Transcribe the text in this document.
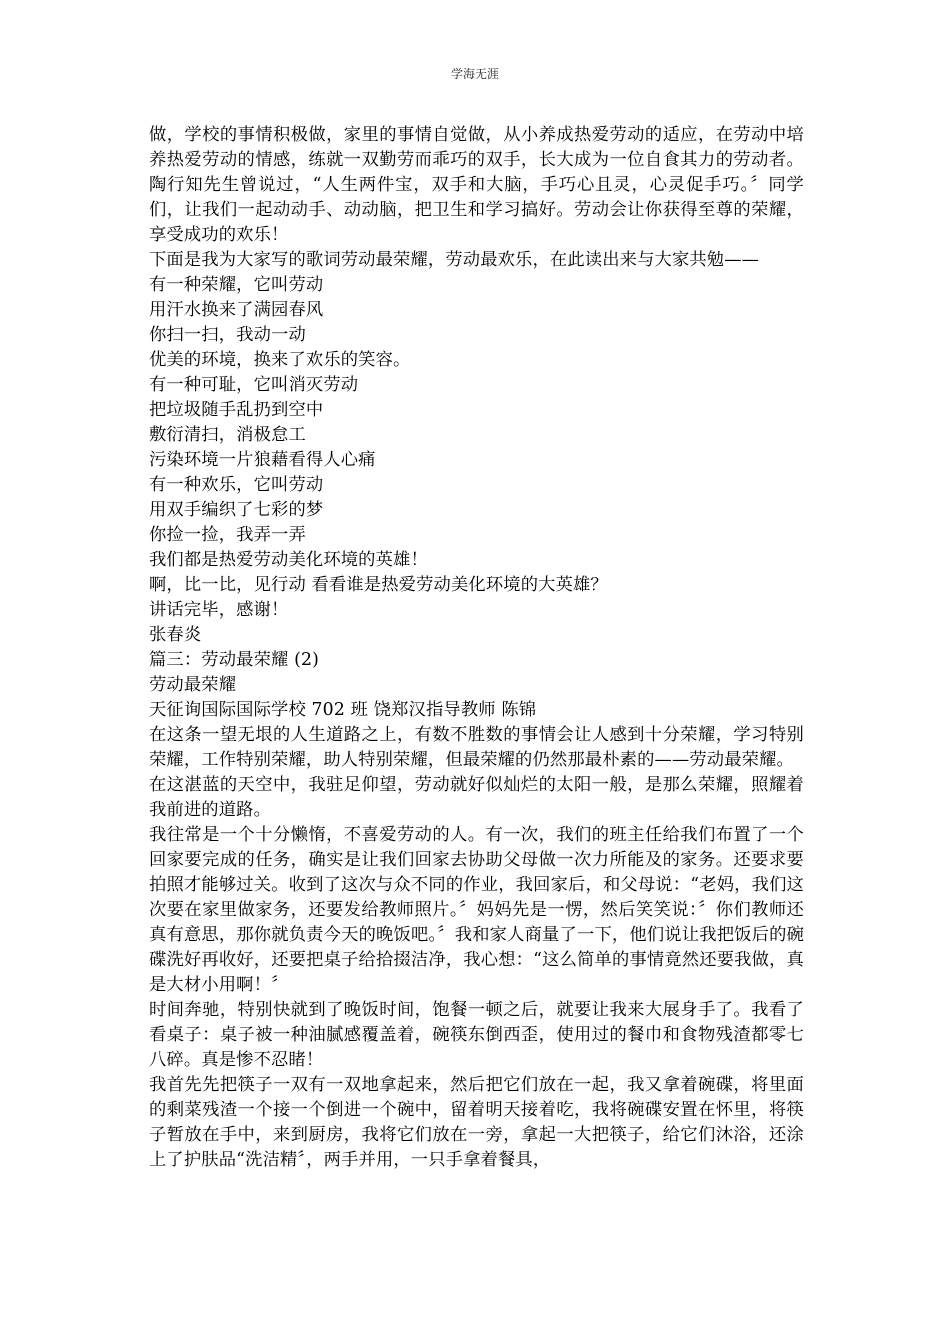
学海无涯

做，学校的事情积极做，家里的事情自觉做，从小养成热爱劳动的适应，在劳动中培养热爱劳动的情感，练就一双勤劳而乖巧的双手，长大成为一位自食其力的劳动者。 陶行知先生曾说过，“人生两件宝，双手和大脑，手巧心且灵，心灵促手巧。〞同学们，让我们一起动动手、动动脑，把卫生和学习搞好。劳动会让你获得至尊的荣耀，享受成功的欢乐！

下面是我为大家写的歌词劳动最荣耀，劳动最欢乐，在此读出来与大家共勉——

有一种荣耀，它叫劳动

用汗水换来了满园春风

你扫一扫，我动一动

优美的环境，换来了欢乐的笑容。

有一种可耻，它叫消灭劳动

把垃圾随手乱扔到空中

敷衍清扫，消极怠工

污染环境一片狼藉看得人心痛

有一种欢乐，它叫劳动

用双手编织了七彩的梦

你捡一捡，我弄一弄

我们都是热爱劳动美化环境的英雄！

啊，比一比，见行动 看看谁是热爱劳动美化环境的大英雄？

讲话完毕，感谢！

张春炎

篇三：劳动最荣耀 (2)

劳动最荣耀

天征询国际国际学校 702 班 饶郑汉指导教师 陈锦

在这条一望无垠的人生道路之上，有数不胜数的事情会让人感到十分荣耀，学习特别荣耀，工作特别荣耀，助人特别荣耀，但最荣耀的仍然那最朴素的——劳动最荣耀。

在这湛蓝的天空中，我驻足仰望，劳动就好似灿烂的太阳一般，是那么荣耀，照耀着我前进的道路。

我往常是一个十分懒惰，不喜爱劳动的人。有一次，我们的班主任给我们布置了一个回家要完成的任务，确实是让我们回家去协助父母做一次力所能及的家务。还要求要拍照才能够过关。收到了这次与众不同的作业，我回家后，和父母说：“老妈，我们这次要在家里做家务，还要发给教师照片。〞妈妈先是一愣，然后笑笑说：〞你们教师还真有意思，那你就负责今天的晚饭吧。〞我和家人商量了一下，他们说让我把饭后的碗碟洗好再收好，还要把桌子给拾掇洁净，我心想：“这么简单的事情竟然还要我做，真是大材小用啊！〞

时间奔驰，特别快就到了晚饭时间，饱餐一顿之后，就要让我来大展身手了。我看了看桌子：桌子被一种油腻感覆盖着，碗筷东倒西歪，使用过的餐巾和食物残渣都零七八碎。真是惨不忍睹！

我首先先把筷子一双有一双地拿起来，然后把它们放在一起，我又拿着碗碟，将里面的剩菜残渣一个接一个倒进一个碗中，留着明天接着吃，我将碗碟安置在怀里，将筷子暂放在手中，来到厨房，我将它们放在一旁，拿起一大把筷子，给它们沐浴，还涂上了护肤品“洗洁精〞，两手并用，一只手拿着餐具，
